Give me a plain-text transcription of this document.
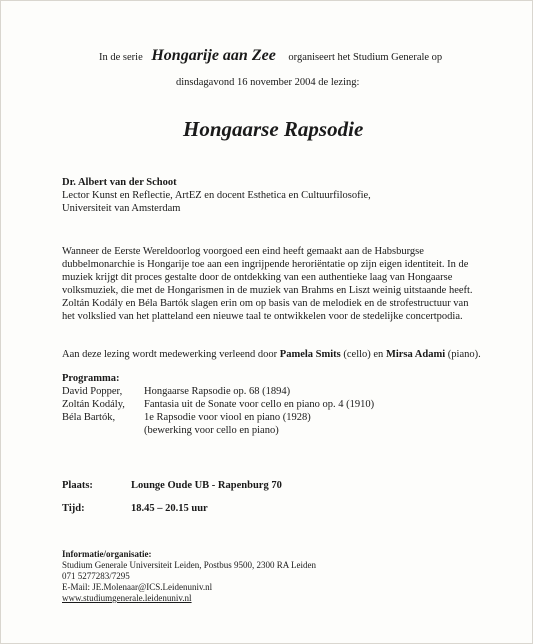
In de serie Hongarije aan Zee organiseert het Studium Generale op
dinsdagavond 16 november 2004 de lezing:
Hongaarse Rapsodie
Dr. Albert van der Schoot
Lector Kunst en Reflectie, ArtEZ en docent Esthetica en Cultuurfilosofie,
Universiteit van Amsterdam

Wanneer de Eerste Wereldoorlog voorgoed een eind heeft gemaakt aan de Habsburgse

dubbelmonarchie is Hongarije toe aan een ingrijpende heroriëntatie op zijn eigen identiteit. In de

muziek krijgt dit proces gestalte door de ontdekking van een authentieke laag van Hongaarse

volksmuziek, die met de Hongarismen in de muziek van Brahms en Liszt weinig uitstaande heeft.

Zoltán Kodály en Béla Bartók slagen erin om op basis van de melodiek en de strofestructuur van

het volkslied van het platteland een nieuwe taal te ontwikkelen voor de stedelijke concertpodia.

Aan deze lezing wordt medewerking verleend door Pamela Smits (cello) en Mirsa Adami (piano).
Programma:
David Popper, Hongaarse Rapsodie op. 68 (1894)
Zoltán Kodály, Fantasia uit de Sonate voor cello en piano op. 4 (1910)
Béla Bartók,	1e Rapsodie voor viool en piano (1928)
(bewerking voor cello en piano)
Plaats:	Lounge Oude UB - Rapenburg 70
Tijd:	18.45 – 20.15 uur
Informatie/organisatie:
Studium Generale Universiteit Leiden, Postbus 9500, 2300 RA Leiden
071 5277283/7295
E-Mail: JE.Molenaar@ICS.Leidenuniv.nl
www.studiumgenerale.leidenuniv.nl
